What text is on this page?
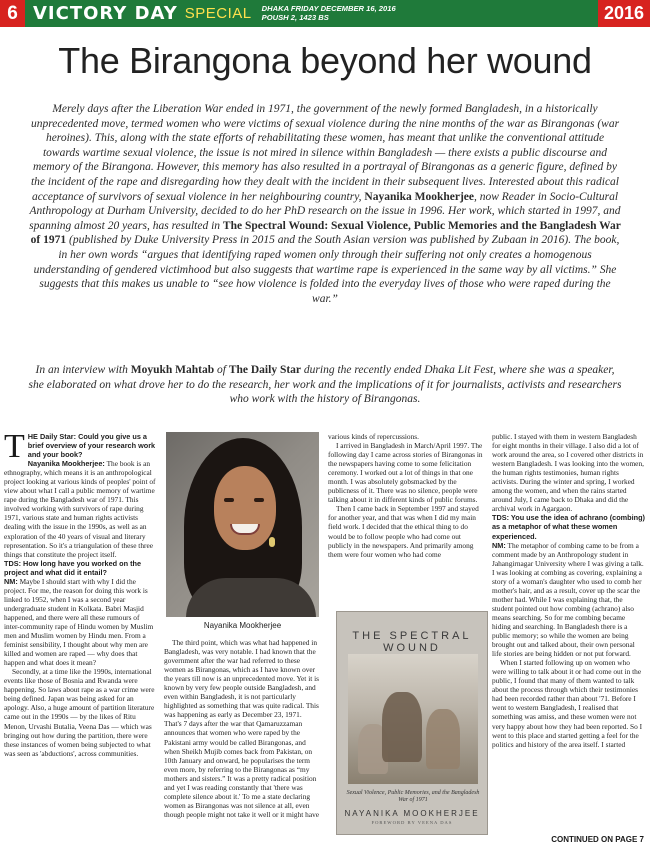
6 VICTORY DAY SPECIAL DHAKA FRIDAY DECEMBER 16, 2016
POUSH 2, 1423 BS	2016
The Birangona beyond her wound
Merely days after the Liberation War ended in 1971, the government of the newly formed Bangladesh, in a historically unprecedented move, termed women who were victims of sexual violence during the nine months of the war as Birangonas (war heroines). This, along with the state efforts of rehabilitating these women, has meant that unlike the conventional attitude towards wartime sexual violence, the issue is not mired in silence within Bangladesh — there exists a public discourse and memory of the Birangona. However, this memory has also resulted in a portrayal of Birangonas as a generic figure, defined by the incident of the rape and disregarding how they dealt with the incident in their subsequent lives. Interested about this radical acceptance of survivors of sexual violence in her neighbouring country, Nayanika Mookherjee, now Reader in Socio-Cultural Anthropology at Durham University, decided to do her PhD research on the issue in 1996. Her work, which started in 1997, and spanning almost 20 years, has resulted in The Spectral Wound: Sexual Violence, Public Memories and the Bangladesh War of 1971 (published by Duke University Press in 2015 and the South Asian version was published by Zubaan in 2016). The book, in her own words “argues that identifying raped women only through their suffering not only creates a homogenous understanding of gendered victimhood but also suggests that wartime rape is experienced in the same way by all victims.” She suggests that this makes us unable to “see how violence is folded into the everyday lives of those who were raped during the war.”
In an interview with Moyukh Mahtab of The Daily Star during the recently ended Dhaka Lit Fest, where she was a speaker, she elaborated on what drove her to do the research, her work and the implications of it for journalists, activists and researchers who work with the history of Birangonas.

THE Daily Star: Could you give us a brief overview of your research work and your book?

Nayanika Mookherjee: The book is an ethnography, which means it is an anthropological project looking at various kinds of peoples' point of view about what I call a public memory of wartime rape during the Bangladesh war of 1971. This involved working with survivors of rape during 1971, various state and human rights activists dealing with the issue in the 1990s, as well as an exploration of the 40 years of visual and literary representation. So it's a triangulation of these three things that constitute the project itself.

TDS: How long have you worked on the project and what did it entail?

NM: Maybe I should start with why I did the project. For me, the reason for doing this work is linked to 1952, when I was a second year undergraduate student in Kolkata. Babri Masjid happened, and there were all these rumours of inter-community rape of Hindu women by Muslim men and Muslim women by Hindu men. From a feminist sensibility, I thought about why men are killed and women are raped — why does that happen and what does it mean?

Secondly, at a time like the 1990s, international events like those of Bosnia and Rwanda were happening. So laws about rape as a war crime were being defined. Japan was being asked for an apology. Also, a huge amount of partition literature came out in the 1990s — by the likes of Ritu Menon, Urvashi Butalia, Veena Das — which was bringing out how during the partition, there were these instances of women being subjected to what was seen as 'abductions', across communities.

Nayanika Mookherjee

The third point, which was what had happened in Bangladesh, was very notable. I had known that the government after the war had referred to these women as Birangonas, which as I have known over the years till now is an unprecedented move. Yet it is known by very few people outside Bangladesh, and even within Bangladesh, it is not particularly highlighted as something that was quite radical. This was happening as early as December 23, 1971. That's 7 days after the war that Qamaruzzaman announces that women who were raped by the Pakistani army would be called Birangonas, and when Sheikh Mujib comes back from Pakistan, on 10th January and onward, he popularises the term even more, by referring to the Birangonas as “my mothers and sisters.” It was a pretty radical position and yet I was reading constantly that 'there was complete silence about it.' To me a state declaring women as Birangonas was not silence at all, even though people might not take it well or it might have

various kinds of repercussions.

I arrived in Bangladesh in March/April 1997. The following day I came across stories of Birangonas in the newspapers having come to some felicitation ceremony. I worked out a lot of things in that one month. I was absolutely gobsmacked by the publicness of it. There was no silence, people were talking about it in different kinds of public forums.

Then I came back in September 1997 and stayed for another year, and that was when I did my main field work. I decided that the ethical thing to do would be to follow people who had come out publicly in the newspapers. And primarily among them were four women who had come

THE SPECTRAL WOUND
Sexual Violence, Public Memories, and the Bangladesh War of 1971
NAYANIKA MOOKHERJEE
FOREWORD BY VEENA DAS

public. I stayed with them in western Bangladesh for eight months in their village. I also did a lot of work around the area, so I covered other districts in western Bangladesh. I was looking into the women, the human rights testimonies, human rights activists. During the winter and spring, I worked among the women, and when the rains started around July, I came back to Dhaka and did the archival work in Agargaon.

TDS: You use the idea of achrano (combing) as a metaphor of what these women experienced.

NM: The metaphor of combing came to be from a comment made by an Anthropology student in Jahangirnagar University where I was giving a talk. I was looking at combing as covering, explaining a story of a woman's daughter who used to comb her mother's hair, and as a result, cover up the scar the mother had. While I was explaining that, the student pointed out how combing (achrano) also means searching. So for me combing became hiding and searching. In Bangladesh there is a public memory; so while the women are being brought out and talked about, their own personal life stories are being hidden or not put forward.

When I started following up on women who were willing to talk about it or had come out in the public, I found that many of them wanted to talk about the process through which their testimonies had been recorded rather than about '71. Before I went to western Bangladesh, I realised that something was amiss, and these women were not very happy about how they had been reported. So I went to this place and started getting a feel for the politics and history of the area itself. I started

CONTINUED ON PAGE 7
